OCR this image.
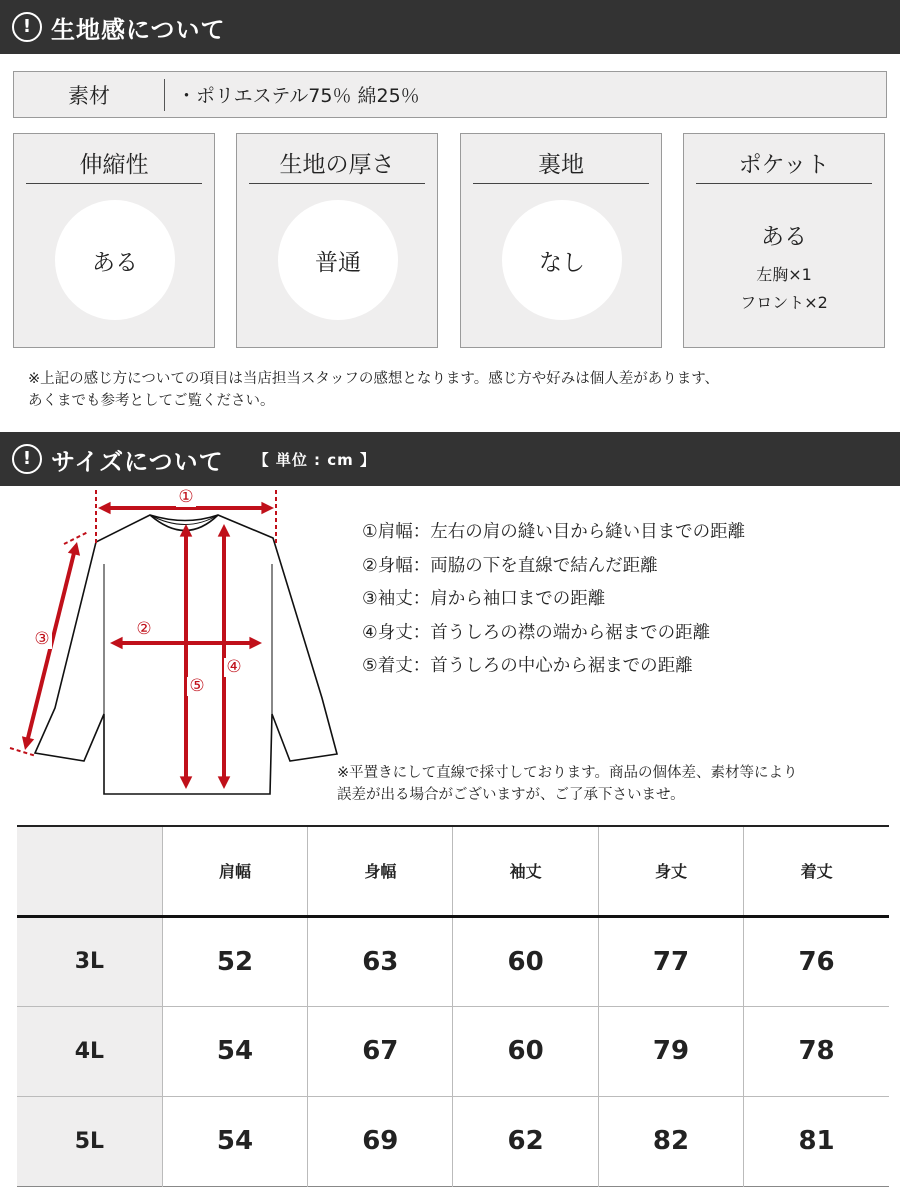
! 生地感について
素材	・ポリエステル75％ 綿25％
伸縮性
ある
生地の厚さ
普通
裏地
なし
ポケット
ある
左胸×1
フロント×2
※上記の感じ方についての項目は当店担当スタッフの感想となります。感じ方や好みは個人差があります、
あくまでも参考としてご覧ください。
! サイズについて 【 単位 : cm 】
①
③	②
⑤
④
①肩幅：左右の肩の縫い目から縫い目までの距離
②身幅：両脇の下を直線で結んだ距離
③袖丈：肩から袖口までの距離
④身丈：首うしろの襟の端から裾までの距離
⑤着丈：首うしろの中心から裾までの距離
※平置きにして直線で採寸しております。商品の個体差、素材等により
誤差が出る場合がございますが、ご了承下さいませ。
	肩幅	身幅	袖丈	身丈	着丈
3L	52	63	60	77	76
4L	54	67	60	79	78
5L	54	69	62	82	81
